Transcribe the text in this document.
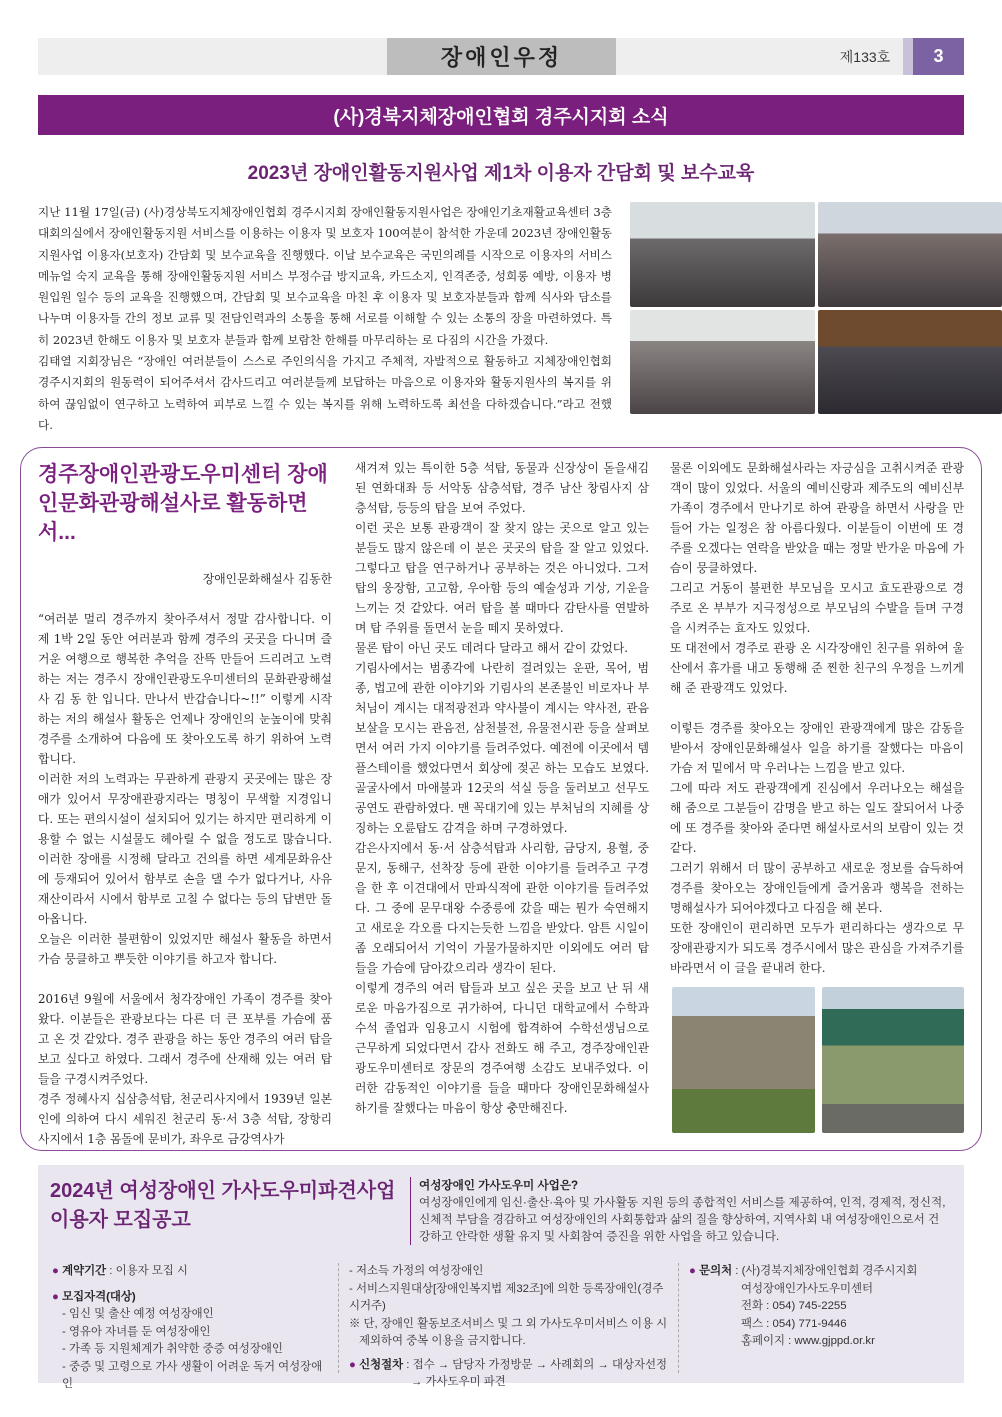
장애인우정	제133호	3
(사)경북지체장애인협회 경주시지회 소식
2023년 장애인활동지원사업 제1차 이용자 간담회 및 보수교육

지난 11월 17일(금) (사)경상북도지체장애인협회 경주시지회 장애인활동지원사업은 장애인기초재활교육센터 3층 대회의실에서 장애인활동지원 서비스를 이용하는 이용자 및 보호자 100여분이 참석한 가운데 2023년 장애인활동지원사업 이용자(보호자) 간담회 및 보수교육을 진행했다. 이날 보수교육은 국민의례를 시작으로 이용자의 서비스 메뉴얼 숙지 교육을 통해 장애인활동지원 서비스 부정수급 방지교육, 카드소지, 인격존중, 성희롱 예방, 이용자 병원입원 일수 등의 교육을 진행했으며, 간담회 및 보수교육을 마친 후 이용자 및 보호자분들과 함께 식사와 담소를 나누며 이용자들 간의 정보 교류 및 전담인력과의 소통을 통해 서로를 이해할 수 있는 소통의 장을 마련하였다. 특히 2023년 한해도 이용자 및 보호자 분들과 함께 보람찬 한해를 마무리하는 로 다짐의 시간을 가졌다.

김태열 지회장님은 “장애인 여러분들이 스스로 주인의식을 가지고 주체적, 자발적으로 활동하고 지체장애인협회 경주시지회의 원동력이 되어주셔서 감사드리고 여러분들께 보답하는 마음으로 이용자와 활동지원사의 복지를 위하여 끊임없이 연구하고 노력하여 피부로 느낄 수 있는 복지를 위해 노력하도록 최선을 다하겠습니다.”라고 전했다.

경주장애인관광도우미센터 장애인문화관광해설사로 활동하면서...
장애인문화해설사 김동한

“여러분 멀리 경주까지 찾아주셔서 정말 감사합니다. 이제 1박 2일 동안 여러분과 함께 경주의 곳곳을 다니며 즐거운 여행으로 행복한 추억을 잔뜩 만들어 드리려고 노력하는 저는 경주시 장애인관광도우미센터의 문화관광해설사 김 동 한 입니다. 만나서 반갑습니다~!!” 이렇게 시작하는 저의 해설사 활동은 언제나 장애인의 눈높이에 맞춰 경주를 소개하여 다음에 또 찾아오도록 하기 위하여 노력합니다.

이러한 저의 노력과는 무관하게 관광지 곳곳에는 많은 장애가 있어서 무장애관광지라는 명칭이 무색할 지경입니다. 또는 편의시설이 설치되어 있기는 하지만 편리하게 이용할 수 없는 시설물도 헤아릴 수 없을 정도로 많습니다. 이러한 장애를 시정해 달라고 건의를 하면 세계문화유산에 등재되어 있어서 함부로 손을 댈 수가 없다거나, 사유재산이라서 시에서 함부로 고칠 수 없다는 등의 답변만 돌아옵니다.

오늘은 이러한 불편함이 있었지만 해설사 활동을 하면서 가슴 뭉클하고 뿌듯한 이야기를 하고자 합니다.

2016년 9월에 서울에서 청각장애인 가족이 경주를 찾아왔다. 이분들은 관광보다는 다른 더 큰 포부를 가슴에 품고 온 것 같았다. 경주 관광을 하는 동안 경주의 여러 탑을 보고 싶다고 하였다. 그래서 경주에 산재해 있는 여러 탑들을 구경시켜주었다.

경주 정혜사지 십삼층석탑, 천군리사지에서 1939년 일본인에 의하여 다시 세워진 천군리 동·서 3층 석탑, 장항리사지에서 1층 몸돌에 문비가, 좌우로 금강역사가

새겨져 있는 특이한 5층 석탑, 동물과 신장상이 돋을새김 된 연화대좌 등 서악동 삼층석탑, 경주 남산 창림사지 삼층석탑, 등등의 탑을 보여 주었다.

이런 곳은 보통 관광객이 잘 찾지 않는 곳으로 알고 있는 분들도 많지 않은데 이 분은 곳곳의 탑을 잘 알고 있었다. 그렇다고 탑을 연구하거나 공부하는 것은 아니었다. 그저 탑의 웅장함, 고고함, 우아함 등의 예술성과 기상, 기운을 느끼는 것 같았다. 여러 탑을 볼 때마다 감탄사를 연발하며 탑 주위를 돌면서 눈을 떼지 못하였다.

물론 탑이 아닌 곳도 데려다 달라고 해서 같이 갔었다.

기림사에서는 범종각에 나란히 걸려있는 운판, 목어, 범종, 법고에 관한 이야기와 기림사의 본존불인 비로자나 부처님이 계시는 대적광전과 약사불이 계시는 약사전, 관음보살을 모시는 관음전, 삼천불전, 유물전시관 등을 살펴보면서 여러 가지 이야기를 들려주었다. 예전에 이곳에서 템플스테이를 했었다면서 회상에 젖곤 하는 모습도 보였다. 골굴사에서 마애불과 12곳의 석실 등을 둘러보고 선무도 공연도 관람하였다. 맨 꼭대기에 있는 부처님의 지혜를 상징하는 오륜탑도 감격을 하며 구경하였다.

감은사지에서 동·서 삼층석탑과 사리함, 금당지, 용혈, 중문지, 동해구, 선착장 등에 관한 이야기를 들려주고 구경을 한 후 이견대에서 만파식적에 관한 이야기를 들려주었다. 그 중에 문무대왕 수중릉에 갔을 때는 뭔가 숙연해지고 새로운 각오를 다지는듯한 느낌을 받았다. 암튼 시일이 좀 오래되어서 기억이 가물가물하지만 이외에도 여러 탑들을 가슴에 담아갔으리라 생각이 된다.

이렇게 경주의 여러 탑들과 보고 싶은 곳을 보고 난 뒤 새로운 마음가짐으로 귀가하여, 다니던 대학교에서 수학과 수석 졸업과 임용고시 시험에 합격하여 수학선생님으로 근무하게 되었다면서 감사 전화도 해 주고, 경주장애인관광도우미센터로 장문의 경주여행 소감도 보내주었다. 이러한 감동적인 이야기를 들을 때마다 장애인문화해설사 하기를 잘했다는 마음이 항상 충만해진다.

물론 이외에도 문화해설사라는 자긍심을 고취시켜준 관광객이 많이 있었다. 서울의 예비신랑과 제주도의 예비신부 가족이 경주에서 만나기로 하여 관광을 하면서 사랑을 만들어 가는 일정은 참 아름다웠다. 이분들이 이번에 또 경주를 오겠다는 연락을 받았을 때는 정말 반가운 마음에 가슴이 뭉클하였다.

그리고 거동이 불편한 부모님을 모시고 효도관광으로 경주로 온 부부가 지극정성으로 부모님의 수발을 들며 구경을 시켜주는 효자도 있었다.

또 대전에서 경주로 관광 온 시각장애인 친구를 위하여 울산에서 휴가를 내고 동행해 준 찐한 친구의 우정을 느끼게 해 준 관광객도 있었다.

이렇든 경주를 찾아오는 장애인 관광객에게 많은 감동을 받아서 장애인문화해설사 일을 하기를 잘했다는 마음이 가슴 저 밑에서 막 우러나는 느낌을 받고 있다.

그에 따라 저도 관광객에게 진심에서 우러나오는 해설을 해 줌으로 그분들이 감명을 받고 하는 일도 잘되어서 나중에 또 경주를 찾아와 준다면 해설사로서의 보람이 있는 것 같다.

그러기 위해서 더 많이 공부하고 새로운 정보를 습득하여 경주를 찾아오는 장애인들에게 즐거움과 행복을 전하는 명해설사가 되어야겠다고 다짐을 해 본다.

또한 장애인이 편리하면 모두가 편리하다는 생각으로 무장애관광지가 되도록 경주시에서 많은 관심을 가져주기를 바라면서 이 글을 끝내려 한다.

2024년 여성장애인 가사도우미파견사업
이용자 모집공고
여성장애인 가사도우미 사업은?
여성장애인에게 임신·출산·육아 및 가사활동 지원 등의 종합적인 서비스를 제공하여, 인적, 경제적, 정신적, 신체적 부담을 경감하고 여성장애인의 사회통합과 삶의 질을 향상하여, 지역사회 내 여성장애인으로서 건강하고 안락한 생활 유지 및 사회참여 증진을 위한 사업을 하고 있습니다.
● 계약기간 : 이용자 모집 시
● 모집자격(대상)
- 임신 및 출산 예정 여성장애인
- 영유아 자녀를 둔 여성장애인
- 가족 등 지원체계가 취약한 중증 여성장애인
- 중증 및 고령으로 가사 생활이 어려운 독거 여성장애인
- 저소득 가정의 여성장애인
- 서비스지원대상[장애인복지법 제32조]에 의한 등록장애인(경주시거주)
※ 단, 장애인 활동보조서비스 및 그 외 가사도우미서비스 이용 시
제외하여 중복 이용을 금지합니다.
● 신청절차 : 접수 → 담당자 가정방문 → 사례회의 → 대상자선정
→ 가사도우미 파견
● 문의처 : (사)경북지체장애인협회 경주시지회
여성장애인가사도우미센터
전화 : 054) 745-2255
팩스 : 054) 771-9446
홈페이지 : www.gjppd.or.kr
